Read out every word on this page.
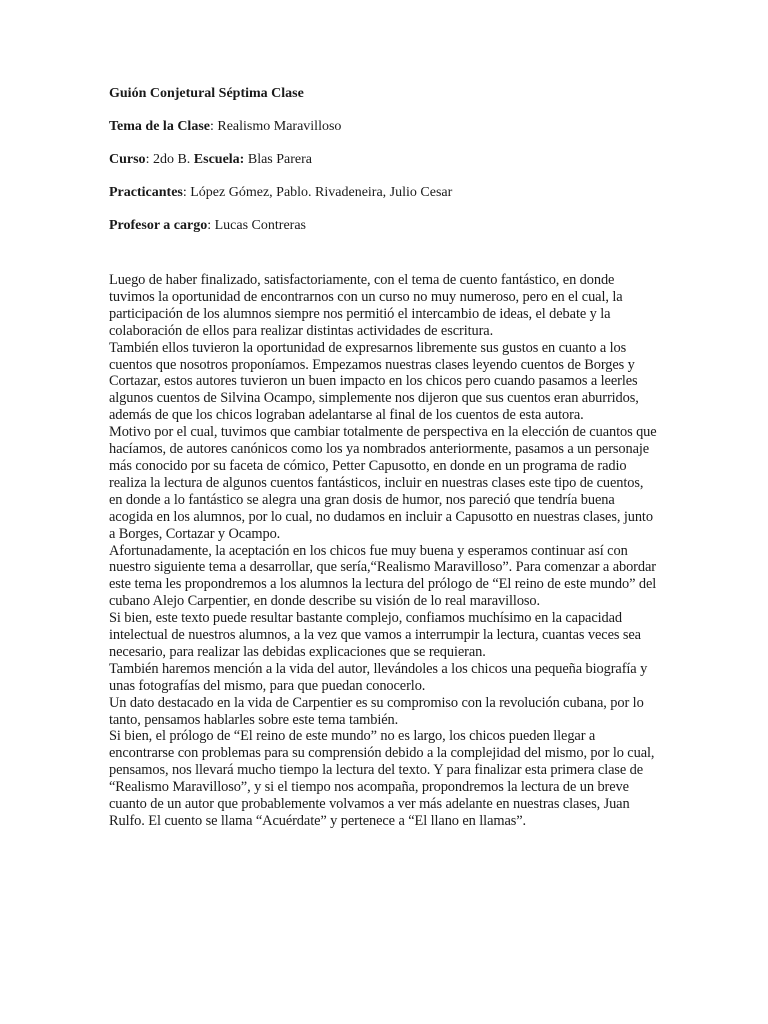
Guión Conjetural Séptima Clase
Tema de la Clase: Realismo Maravilloso
Curso: 2do B. Escuela: Blas Parera
Practicantes: López Gómez, Pablo. Rivadeneira, Julio Cesar
Profesor a cargo: Lucas Contreras

Luego de haber finalizado, satisfactoriamente, con el tema de cuento fantástico, en donde tuvimos la oportunidad de encontrarnos con un curso no muy numeroso, pero en el cual, la participación de los alumnos siempre nos permitió el intercambio de ideas, el debate y la colaboración de ellos para realizar distintas actividades de escritura.

También ellos tuvieron la oportunidad de expresarnos libremente sus gustos en cuanto a los cuentos que nosotros proponíamos. Empezamos nuestras clases leyendo cuentos de Borges y Cortazar, estos autores tuvieron un buen impacto en los chicos pero cuando pasamos a leerles algunos cuentos de Silvina Ocampo, simplemente nos dijeron que sus cuentos eran aburridos, además de que los chicos lograban adelantarse al final de los cuentos de esta autora.

Motivo por el cual, tuvimos que cambiar totalmente de perspectiva en la elección de cuantos que hacíamos, de autores canónicos como los ya nombrados anteriormente, pasamos a un personaje más conocido por su faceta de cómico, Petter Capusotto, en donde en un programa de radio realiza la lectura de algunos cuentos fantásticos, incluir en nuestras clases este tipo de cuentos, en donde a lo fantástico se alegra una gran dosis de humor, nos pareció que tendría buena acogida en los alumnos, por lo cual, no dudamos en incluir a Capusotto en nuestras clases, junto a Borges, Cortazar y Ocampo.

Afortunadamente, la aceptación en los chicos fue muy buena y esperamos continuar así con nuestro siguiente tema a desarrollar, que sería,“Realismo Maravilloso”. Para comenzar a abordar este tema les propondremos a los alumnos la lectura del prólogo de “El reino de este mundo” del cubano Alejo Carpentier, en donde describe su visión de lo real maravilloso.

Si bien, este texto puede resultar bastante complejo, confiamos muchísimo en la capacidad intelectual de nuestros alumnos, a la vez que vamos a interrumpir la lectura, cuantas veces sea necesario, para realizar las debidas explicaciones que se requieran.

También haremos mención a la vida del autor, llevándoles a los chicos una pequeña biografía y unas fotografías del mismo, para que puedan conocerlo.

Un dato destacado en la vida de Carpentier es su compromiso con la revolución cubana, por lo tanto, pensamos hablarles sobre este tema también.

Si bien, el prólogo de “El reino de este mundo” no es largo, los chicos pueden llegar a encontrarse con problemas para su comprensión debido a la complejidad del mismo, por lo cual, pensamos, nos llevará mucho tiempo la lectura del texto. Y para finalizar esta primera clase de “Realismo Maravilloso”, y si el tiempo nos acompaña, propondremos la lectura de un breve cuanto de un autor que probablemente volvamos a ver más adelante en nuestras clases, Juan Rulfo. El cuento se llama “Acuérdate” y pertenece a “El llano en llamas”.
